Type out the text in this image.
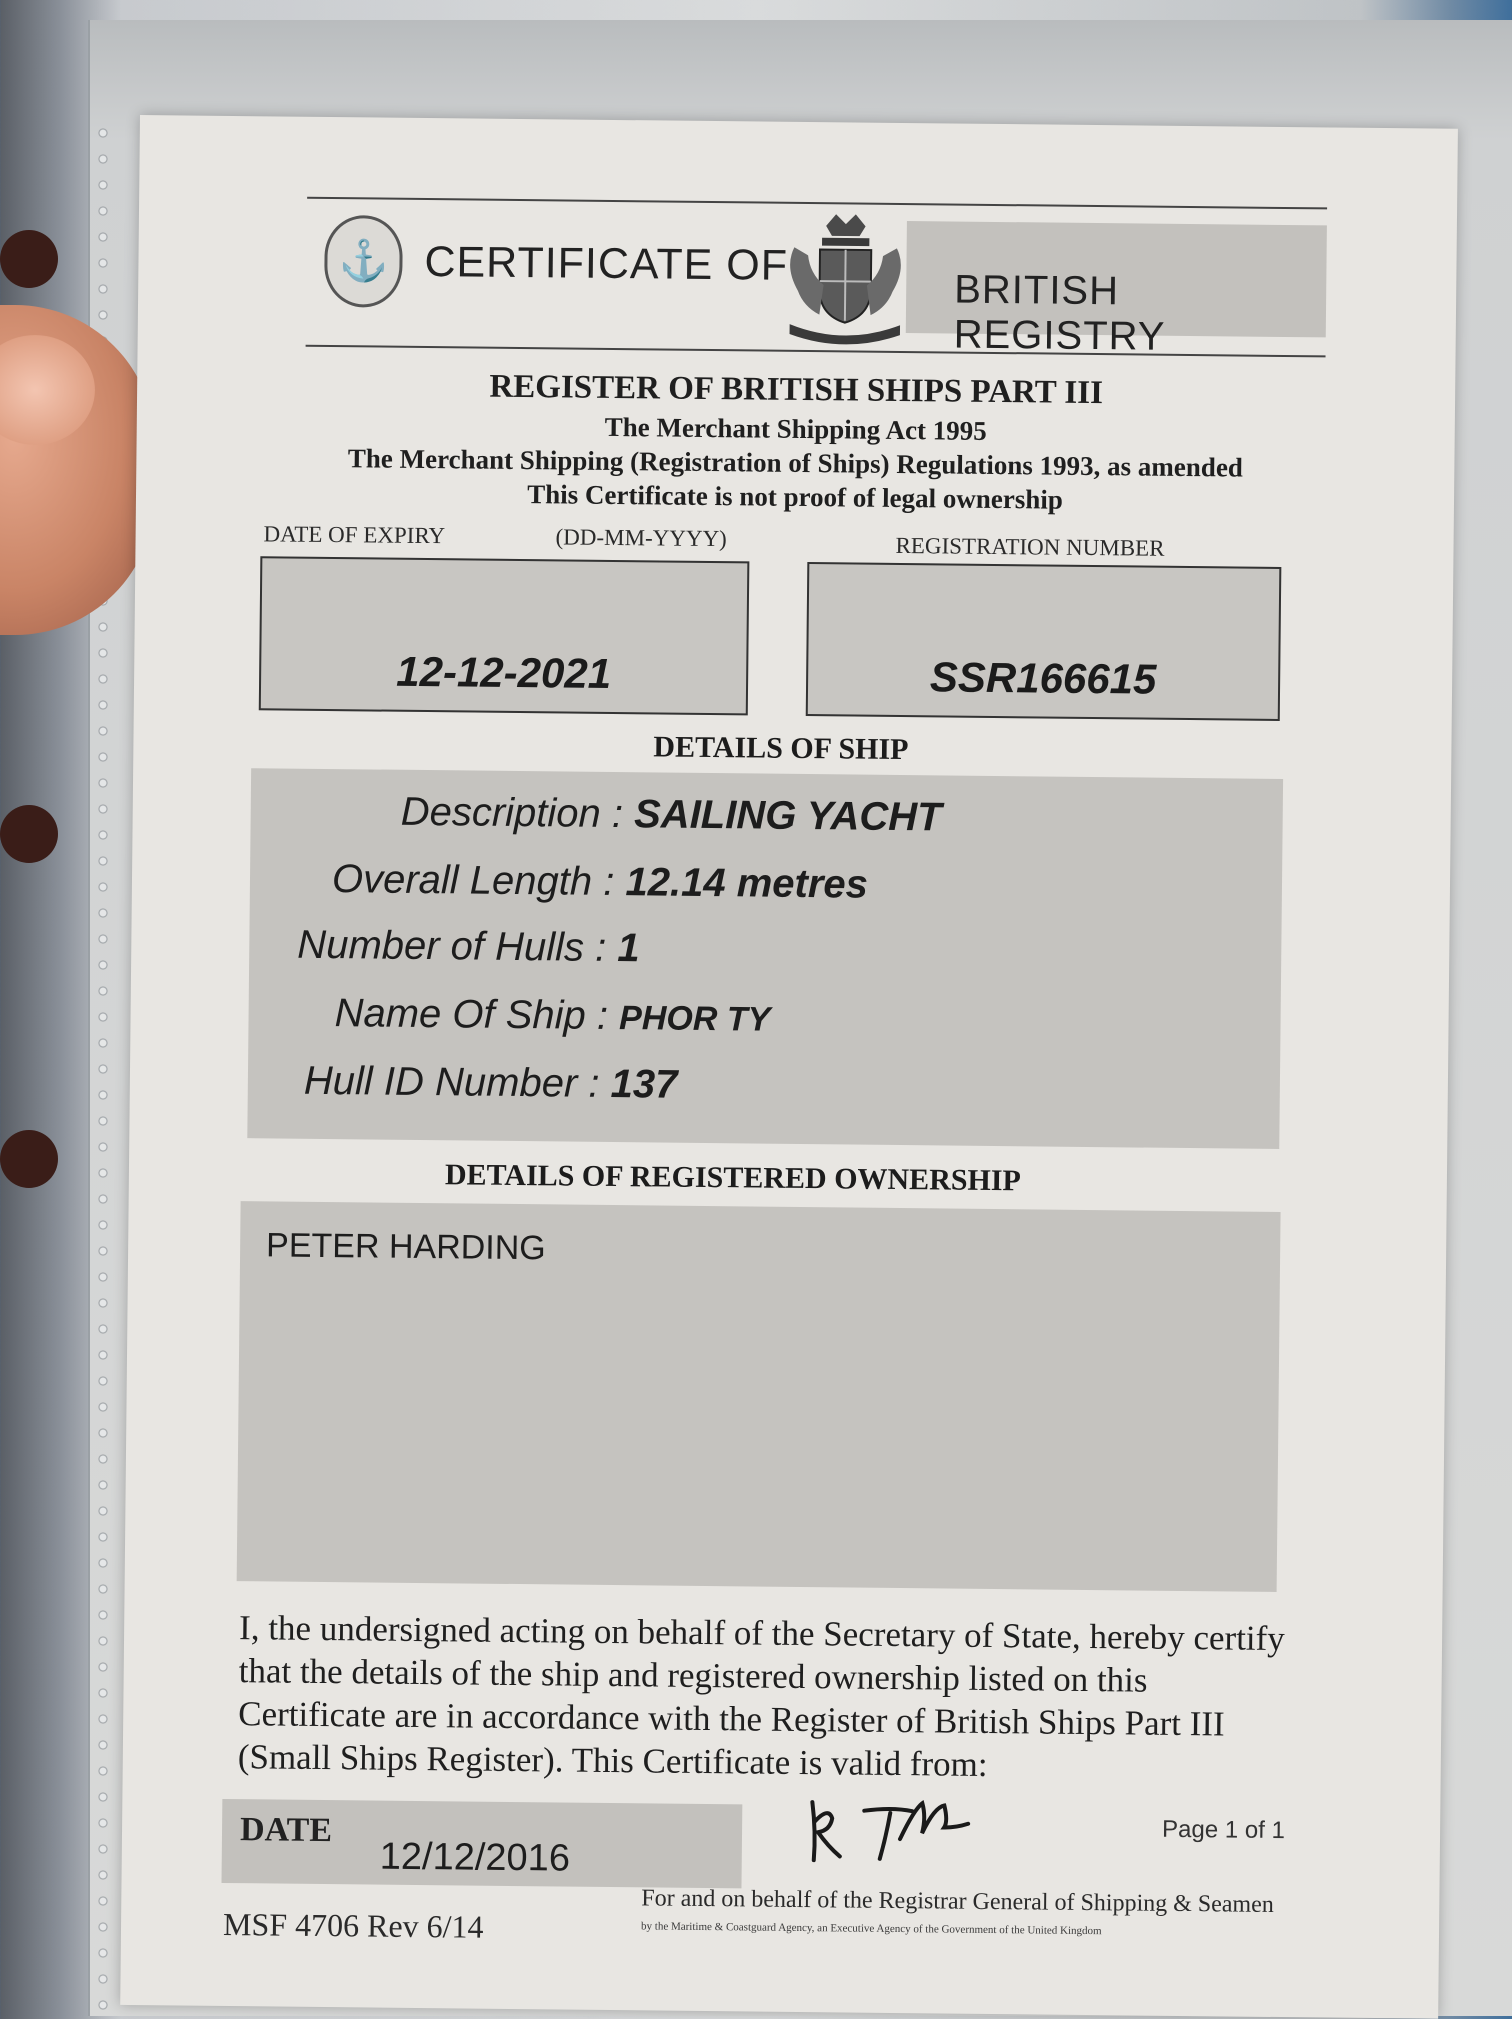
⚓ CERTIFICATE OF
BRITISH REGISTRY
REGISTER OF BRITISH SHIPS PART III
The Merchant Shipping Act 1995
The Merchant Shipping (Registration of Ships) Regulations 1993, as amended
This Certificate is not proof of legal ownership
DATE OF EXPIRY	(DD-MM-YYYY)	REGISTRATION NUMBER
12-12-2021	SSR166615
DETAILS OF SHIP
Description : SAILING YACHT
Overall Length : 12.14 metres
Number of Hulls : 1
Name Of Ship : PHOR TY
Hull ID Number : 137
DETAILS OF REGISTERED OWNERSHIP
PETER HARDING
I, the undersigned acting on behalf of the Secretary of State, hereby certify that the details of the ship and registered ownership listed on this Certificate are in accordance with the Register of British Ships Part III (Small Ships Register). This Certificate is valid from:
DATE
12/12/2016
Page 1 of 1
For and on behalf of the Registrar General of Shipping & Seamen
by the Maritime & Coastguard Agency, an Executive Agency of the Government of the United Kingdom
MSF 4706 Rev 6/14
